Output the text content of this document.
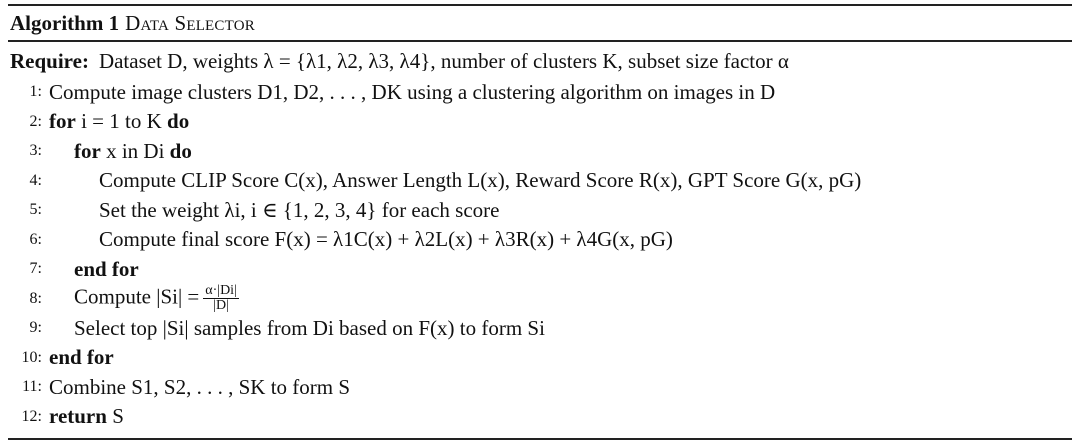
Algorithm 1 Data Selector
Require: Dataset D, weights λ = {λ1, λ2, λ3, λ4}, number of clusters K, subset size factor α
1: Compute image clusters D1, D2, . . . , DK using a clustering algorithm on images in D
2: for i = 1 to K do
3:	for x in Di do
4:	Compute CLIP Score C(x), Answer Length L(x), Reward Score R(x), GPT Score G(x, pG)
5:	Set the weight λi, i ∈ {1, 2, 3, 4} for each score
6:	Compute final score F(x) = λ1C(x) + λ2L(x) + λ3R(x) + λ4G(x, pG)
7:	end for
8:	Compute $|Si| = \frac{\alpha\cdot|Di|}{|D|}$
9:	Select top |Si| samples from Di based on F(x) to form Si
10: end for
11: Combine S1, S2, . . . , SK to form S
12: return S
